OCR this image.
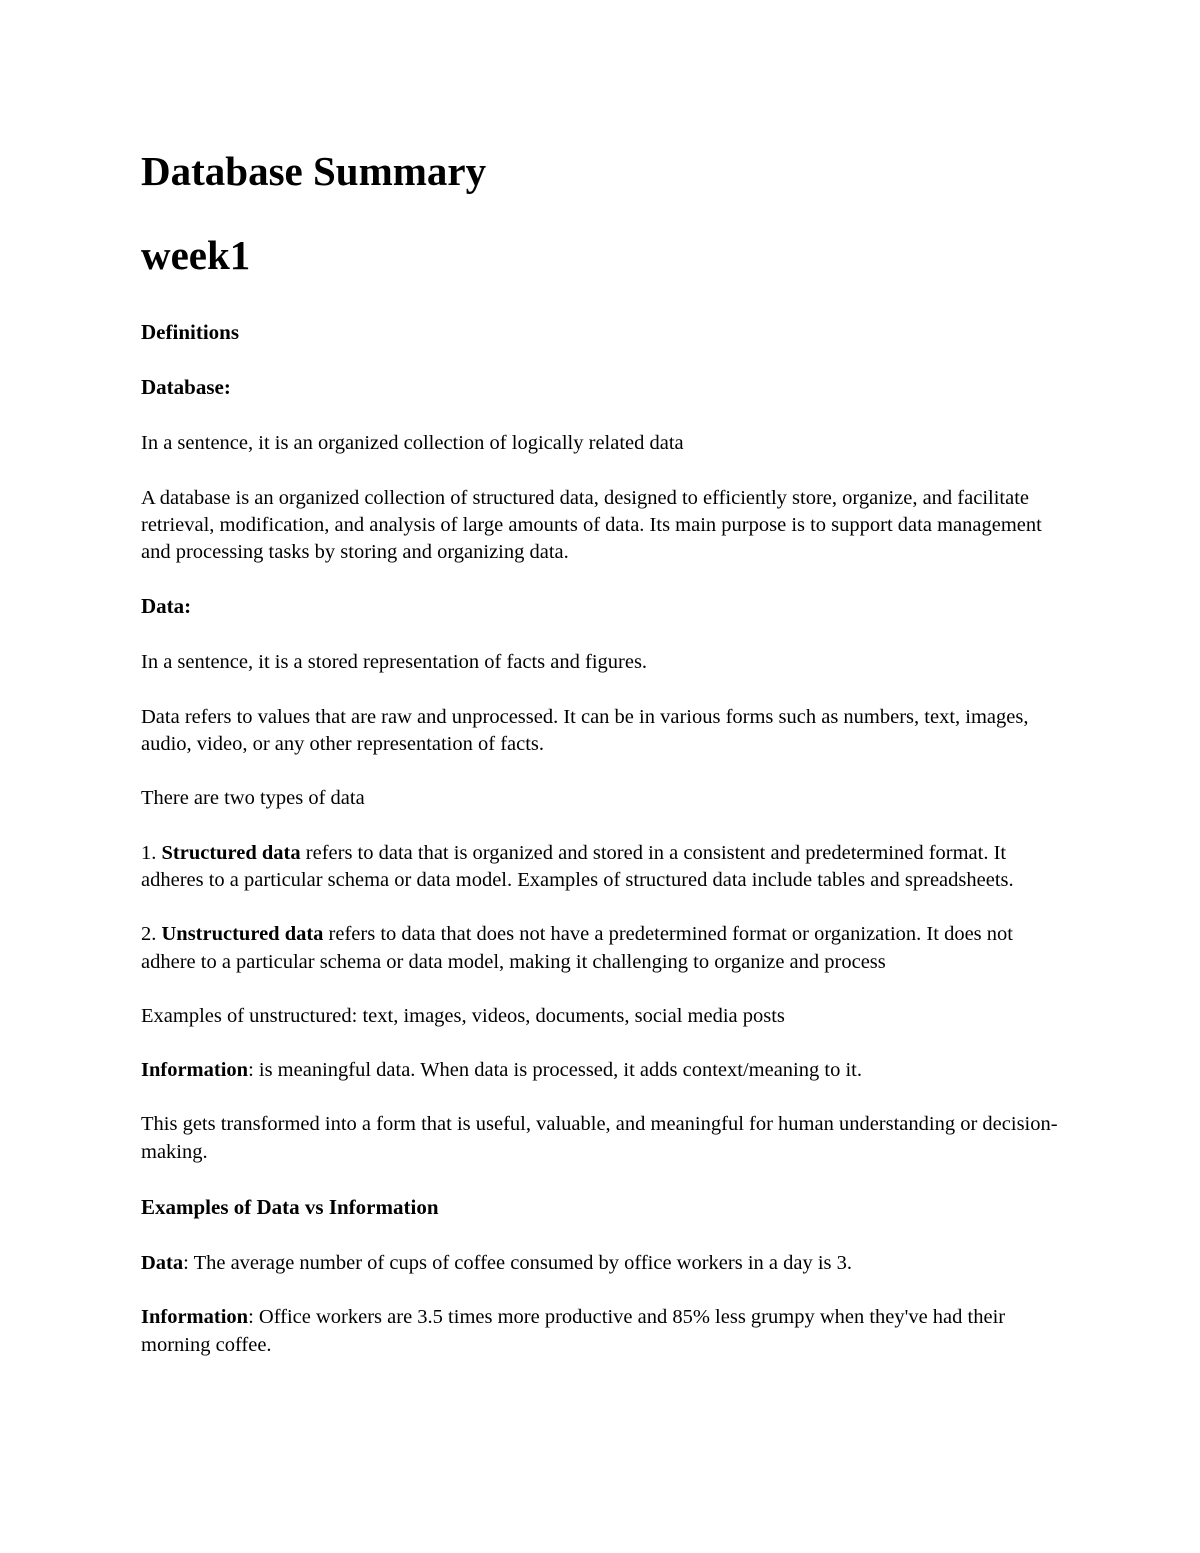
Database Summary
week1
Definitions
Database:

In a sentence, it is an organized collection of logically related data

A database is an organized collection of structured data, designed to efficiently store, organize, and facilitate retrieval, modification, and analysis of large amounts of data. Its main purpose is to support data management and processing tasks by storing and organizing data.

Data:

In a sentence, it is a stored representation of facts and figures.

Data refers to values that are raw and unprocessed. It can be in various forms such as numbers, text, images, audio, video, or any other representation of facts.

There are two types of data

1. Structured data refers to data that is organized and stored in a consistent and predetermined format. It adheres to a particular schema or data model. Examples of structured data include tables and spreadsheets.

2. Unstructured data refers to data that does not have a predetermined format or organization. It does not adhere to a particular schema or data model, making it challenging to organize and process

Examples of unstructured: text, images, videos, documents, social media posts

Information: is meaningful data. When data is processed, it adds context/meaning to it.

This gets transformed into a form that is useful, valuable, and meaningful for human understanding or decision-making.

Examples of Data vs Information

Data: The average number of cups of coffee consumed by office workers in a day is 3.

Information: Office workers are 3.5 times more productive and 85% less grumpy when they've had their morning coffee.
